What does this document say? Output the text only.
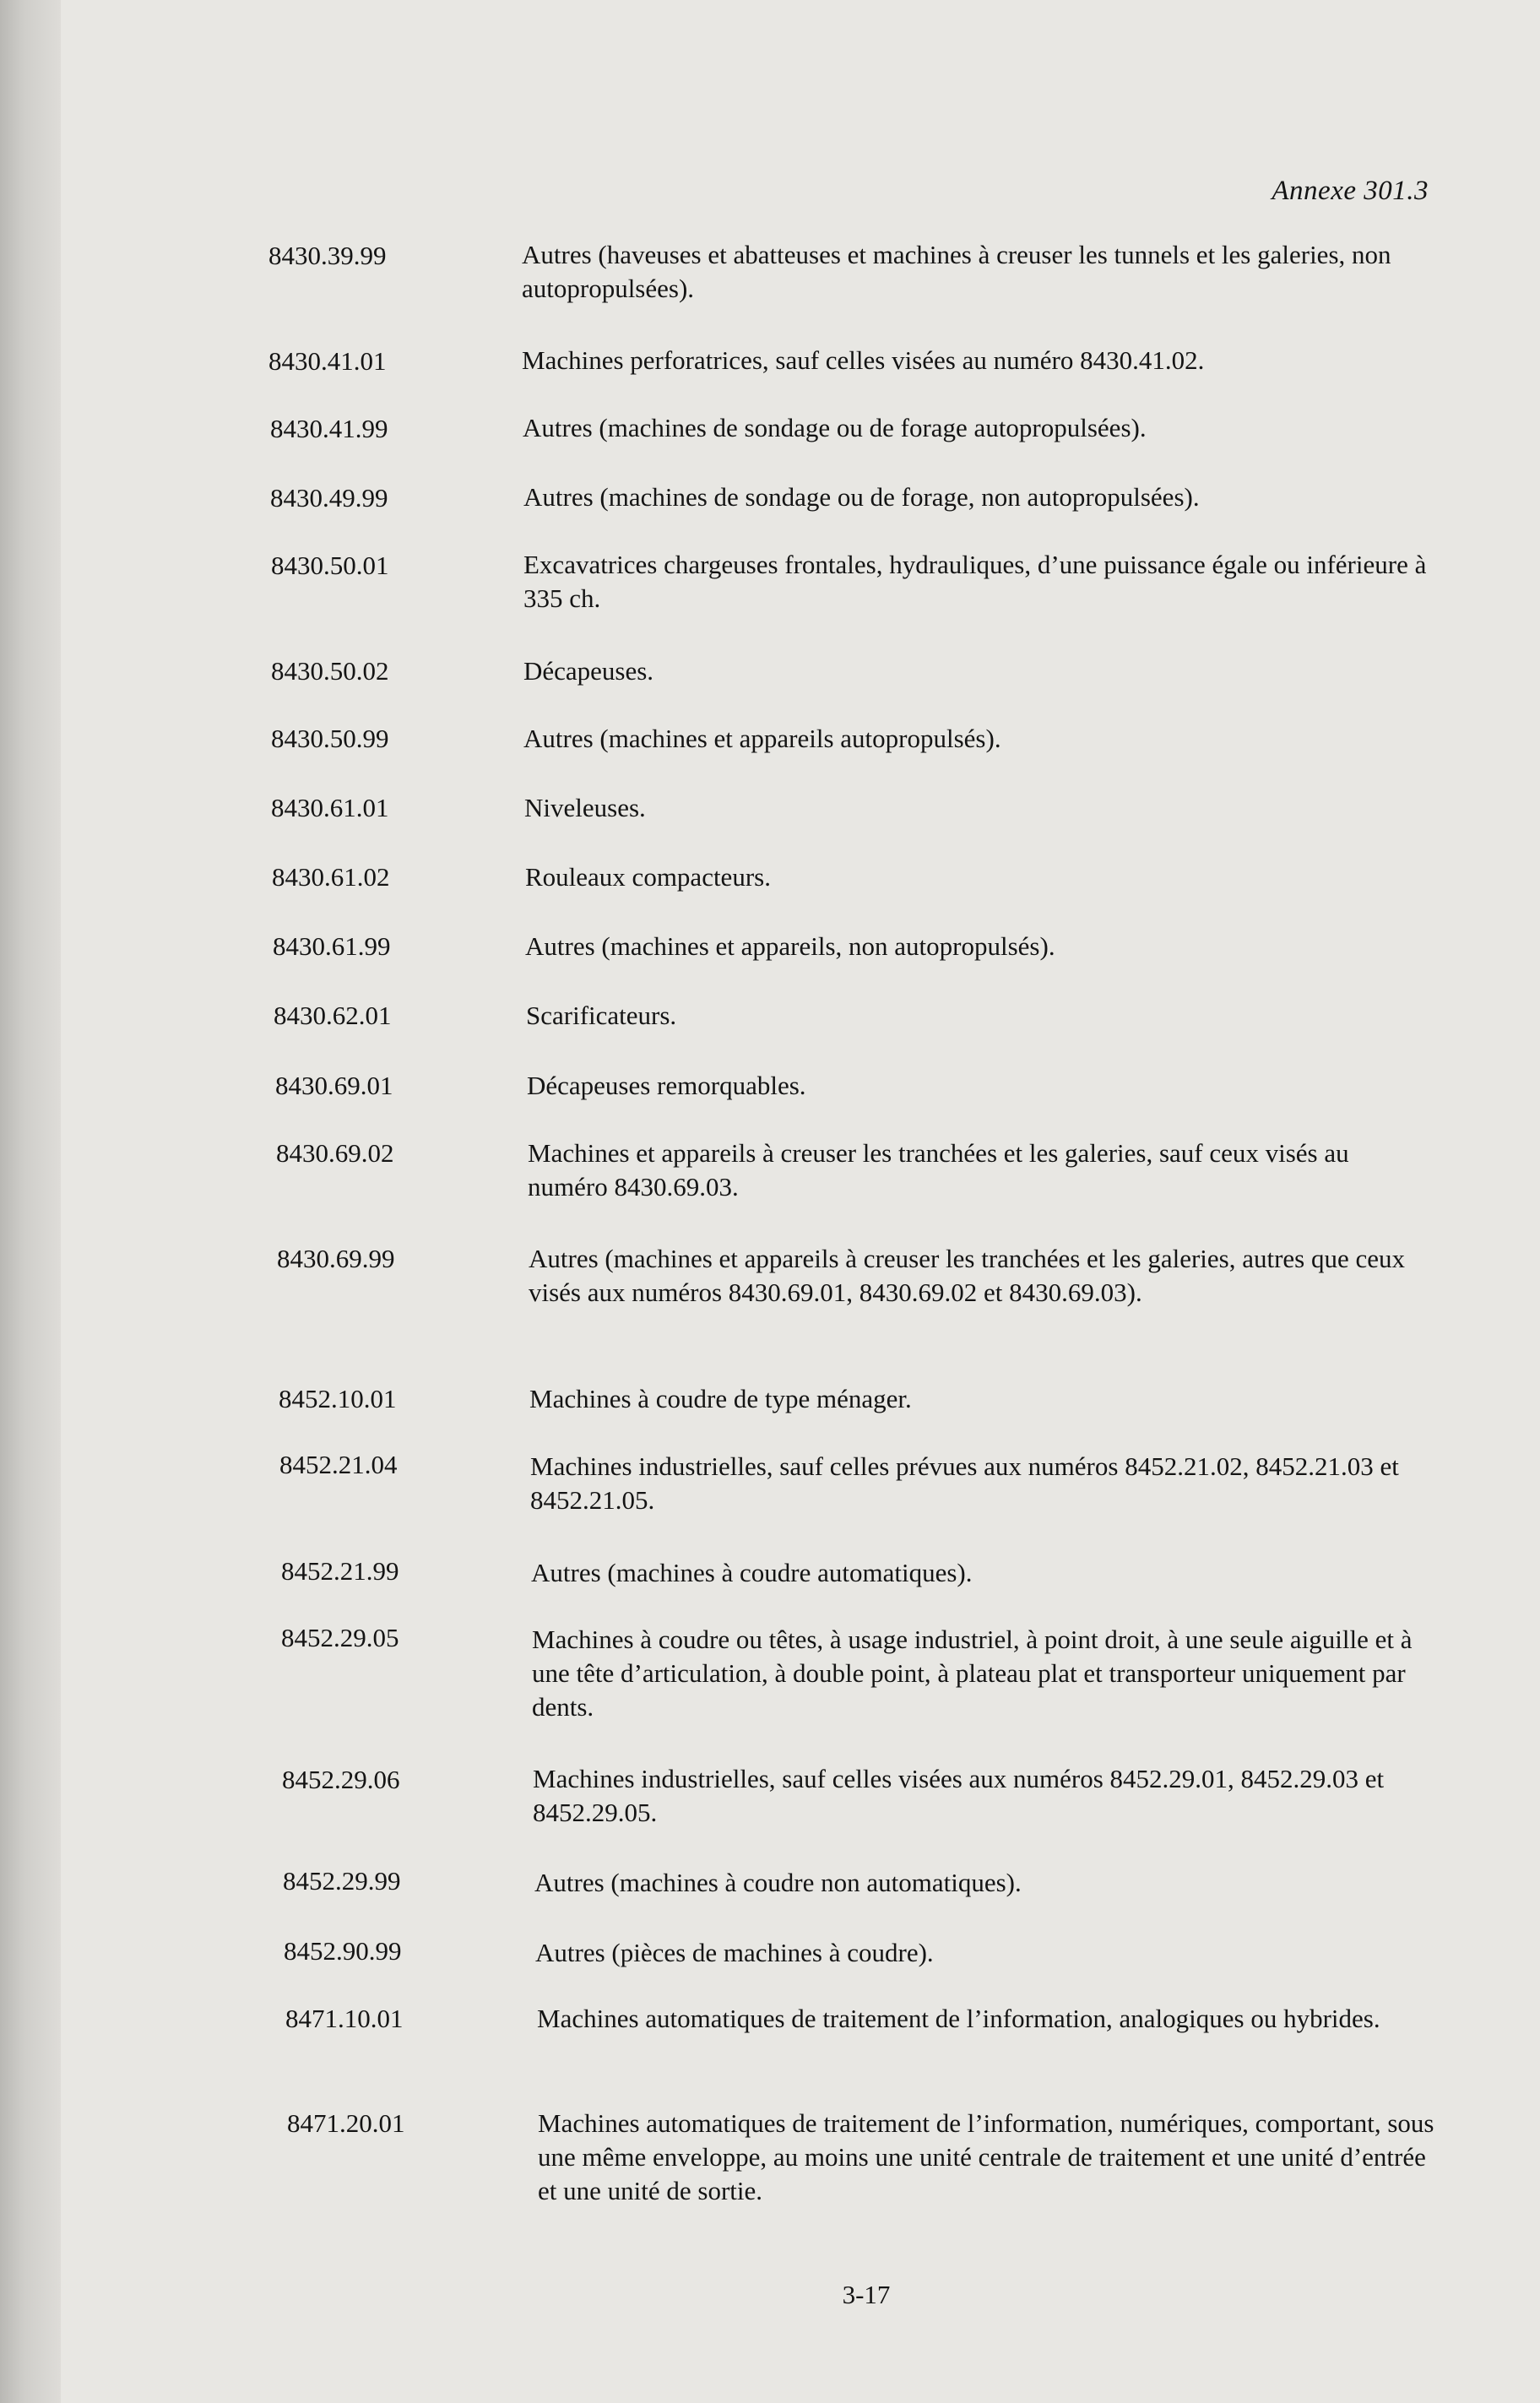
Annexe 301.3
8430.39.99	Autres (haveuses et abatteuses et machines à creuser les tunnels et les galeries, non autopropulsées).
8430.41.01	Machines perforatrices, sauf celles visées au numéro 8430.41.02.
8430.41.99	Autres (machines de sondage ou de forage autopropulsées).
8430.49.99	Autres (machines de sondage ou de forage, non autopropulsées).
8430.50.01	Excavatrices chargeuses frontales, hydrauliques, d’une puissance égale ou inférieure à 335 ch.
8430.50.02	Décapeuses.
8430.50.99	Autres (machines et appareils autopropulsés).
8430.61.01	Niveleuses.
8430.61.02	Rouleaux compacteurs.
8430.61.99	Autres (machines et appareils, non autopropulsés).
8430.62.01	Scarificateurs.
8430.69.01	Décapeuses remorquables.
8430.69.02	Machines et appareils à creuser les tranchées et les galeries, sauf ceux visés au numéro 8430.69.03.
8430.69.99	Autres (machines et appareils à creuser les tranchées et les galeries, autres que ceux visés aux numéros 8430.69.01, 8430.69.02 et 8430.69.03).
8452.10.01	Machines à coudre de type ménager.
8452.21.04	Machines industrielles, sauf celles prévues aux numéros 8452.21.02, 8452.21.03 et 8452.21.05.
8452.21.99	Autres (machines à coudre automatiques).
8452.29.05	Machines à coudre ou têtes, à usage industriel, à point droit, à une seule aiguille et à une tête d’articulation, à double point, à plateau plat et transporteur uniquement par dents.
8452.29.06	Machines industrielles, sauf celles visées aux numéros 8452.29.01, 8452.29.03 et 8452.29.05.
8452.29.99	Autres (machines à coudre non automatiques).
8452.90.99	Autres (pièces de machines à coudre).
8471.10.01	Machines automatiques de traitement de l’information, analogiques ou hybrides.
8471.20.01	Machines automatiques de traitement de l’information, numériques, comportant, sous une même enveloppe, au moins une unité centrale de traitement et une unité d’entrée et une unité de sortie.
3-17
